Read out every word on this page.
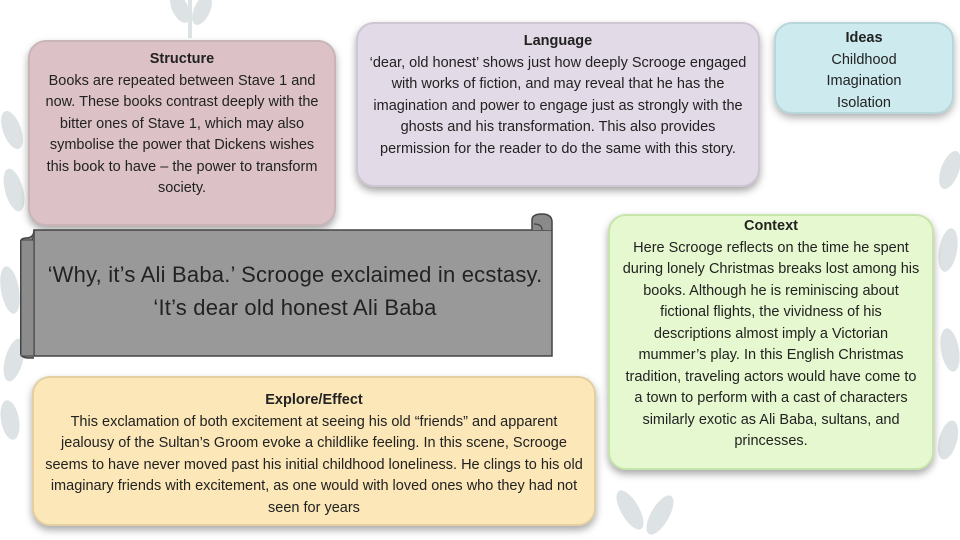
Structure
Books are repeated between Stave 1 and now. These books contrast deeply with the bitter ones of Stave 1, which may also symbolise the power that Dickens wishes this book to have – the power to transform society.
Language
‘dear, old honest’ shows just how deeply Scrooge engaged with works of fiction, and may reveal that he has the imagination and power to engage just as strongly with the ghosts and his transformation. This also provides permission for the reader to do the same with this story.
Ideas
Childhood
Imagination
Isolation
‘Why, it’s Ali Baba.’ Scrooge exclaimed in ecstasy. ‘It’s dear old honest Ali Baba
Context
Here Scrooge reflects on the time he spent during lonely Christmas breaks lost among his books. Although he is reminiscing about fictional flights, the vividness of his descriptions almost imply a Victorian mummer’s play. In this English Christmas tradition, traveling actors would have come to a town to perform with a cast of characters similarly exotic as Ali Baba, sultans, and princesses.
Explore/Effect
This exclamation of both excitement at seeing his old “friends” and apparent jealousy of the Sultan’s Groom evoke a childlike feeling. In this scene, Scrooge seems to have never moved past his initial childhood loneliness. He clings to his old imaginary friends with excitement, as one would with loved ones who they had not seen for years
